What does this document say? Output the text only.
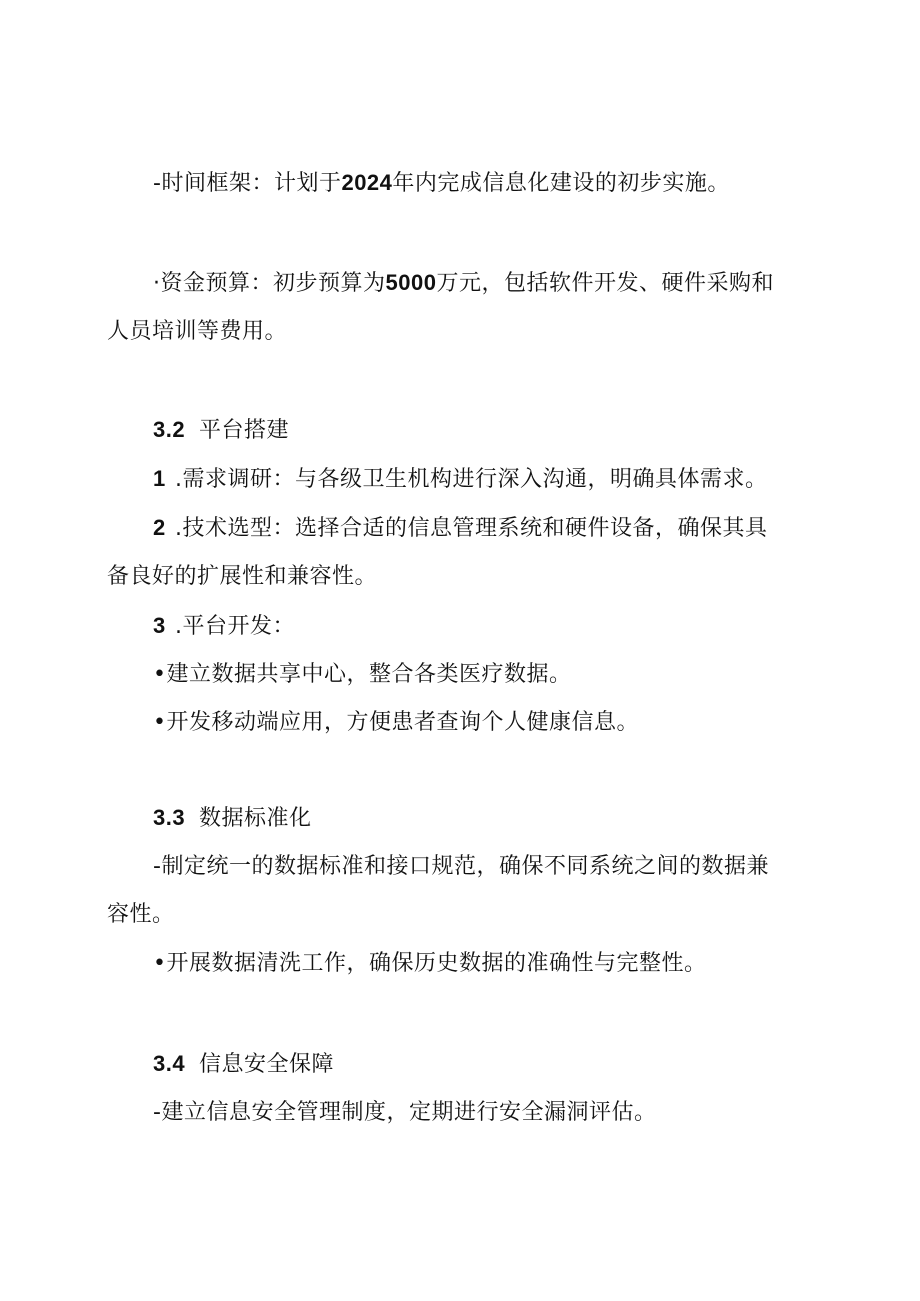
-时间框架：计划于2024年内完成信息化建设的初步实施。
·资金预算：初步预算为5000万元，包括软件开发、硬件采购和
人员培训等费用。
3.2 平台搭建
1 .需求调研：与各级卫生机构进行深入沟通，明确具体需求。
2 .技术选型：选择合适的信息管理系统和硬件设备，确保其具
备良好的扩展性和兼容性。
3 .平台开发：
•建立数据共享中心，整合各类医疗数据。
•开发移动端应用，方便患者查询个人健康信息。
3.3 数据标准化
-制定统一的数据标准和接口规范，确保不同系统之间的数据兼
容性。
•开展数据清洗工作，确保历史数据的准确性与完整性。
3.4 信息安全保障
-建立信息安全管理制度，定期进行安全漏洞评估。
